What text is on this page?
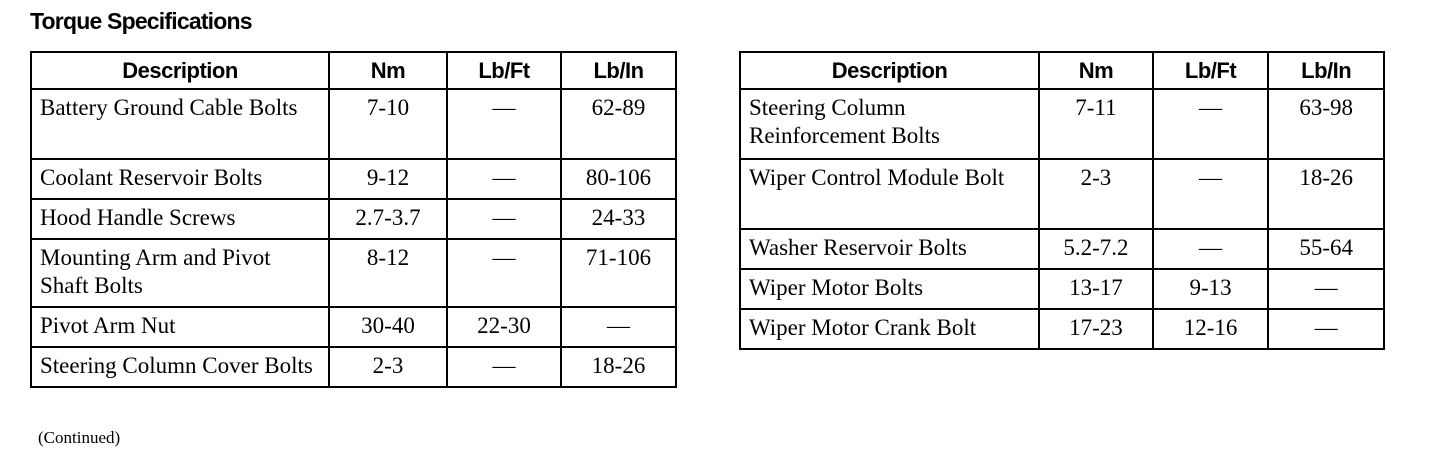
Torque Specifications
Description	Nm	Lb/Ft	Lb/In
Battery Ground Cable Bolts	7-10	—	62-89
Coolant Reservoir Bolts	9-12	—	80-106
Hood Handle Screws	2.7-3.7	—	24-33
Mounting Arm and Pivot Shaft Bolts	8-12	—	71-106
Pivot Arm Nut	30-40	22-30	—
Steering Column Cover Bolts	2-3	—	18-26
Description	Nm	Lb/Ft	Lb/In
Steering Column Reinforcement Bolts	7-11	—	63-98
Wiper Control Module Bolt	2-3	—	18-26
Washer Reservoir Bolts	5.2-7.2	—	55-64
Wiper Motor Bolts	13-17	9-13	—
Wiper Motor Crank Bolt	17-23	12-16	—
(Continued)
